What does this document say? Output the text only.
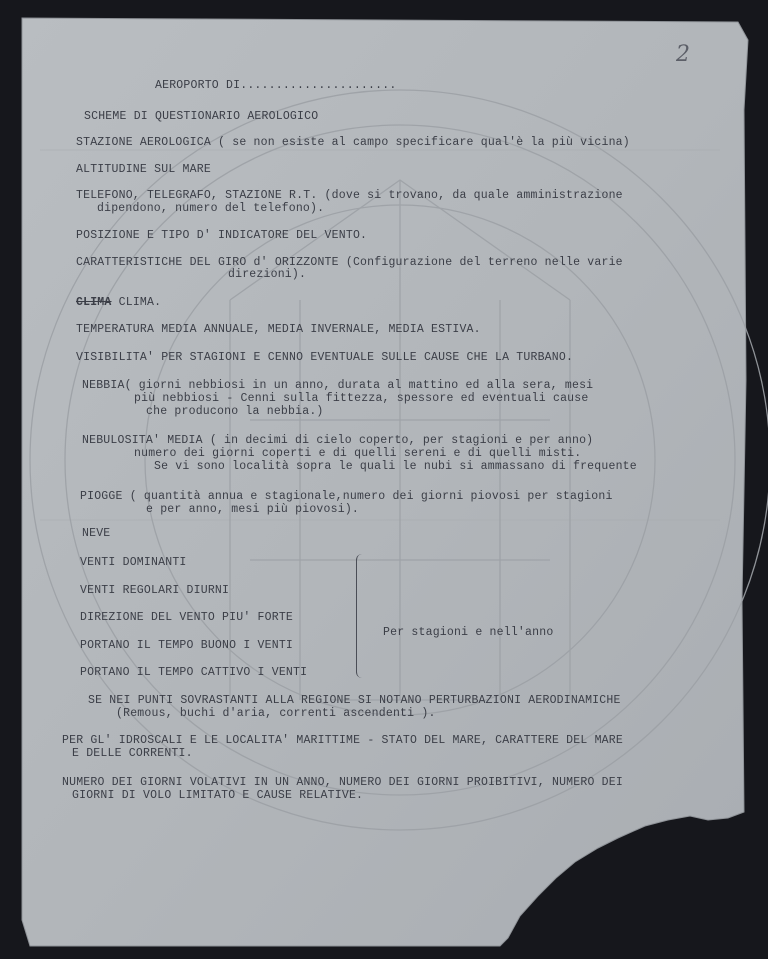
2
AEROPORTO DI......................
SCHEME DI QUESTIONARIO AEROLOGICO
STAZIONE AEROLOGICA ( se non esiste al campo specificare qual'è la più vicina)
ALTITUDINE SUL MARE
TELEFONO, TELEGRAFO, STAZIONE R.T. (dove si trovano, da quale amministrazione
dipendono, numero del telefono).
POSIZIONE E TIPO D' INDICATORE DEL VENTO.
CARATTERISTICHE DEL GIRO d' ORIZZONTE (Configurazione del terreno nelle varie
direzioni).
CLIMA CLIMA.
TEMPERATURA MEDIA ANNUALE, MEDIA INVERNALE, MEDIA ESTIVA.
VISIBILITA' PER STAGIONI E CENNO EVENTUALE SULLE CAUSE CHE LA TURBANO.
NEBBIA( giorni nebbiosi in un anno, durata al mattino ed alla sera, mesi
più nebbiosi - Cenni sulla fittezza, spessore ed eventuali cause
che producono la nebbia.)
NEBULOSITA' MEDIA ( in decimi di cielo coperto, per stagioni e per anno)
numero dei giorni coperti e di quelli sereni e di quelli misti.
Se vi sono località sopra le quali le nubi si ammassano di frequente
PIOGGE ( quantità annua e stagionale,numero dei giorni piovosi per stagioni
e per anno, mesi più piovosi).
NEVE
VENTI DOMINANTI
VENTI REGOLARI DIURNI
DIREZIONE DEL VENTO PIU' FORTE
PORTANO IL TEMPO BUONO I VENTI
PORTANO IL TEMPO CATTIVO I VENTI
Per stagioni e nell'anno
SE NEI PUNTI SOVRASTANTI ALLA REGIONE SI NOTANO PERTURBAZIONI AERODINAMICHE
(Remous, buchi d'aria, correnti ascendenti ).
PER GL' IDROSCALI E LE LOCALITA' MARITTIME - STATO DEL MARE, CARATTERE DEL MARE
E DELLE CORRENTI.
NUMERO DEI GIORNI VOLATIVI IN UN ANNO, NUMERO DEI GIORNI PROIBITIVI, NUMERO DEI
GIORNI DI VOLO LIMITATO E CAUSE RELATIVE.
